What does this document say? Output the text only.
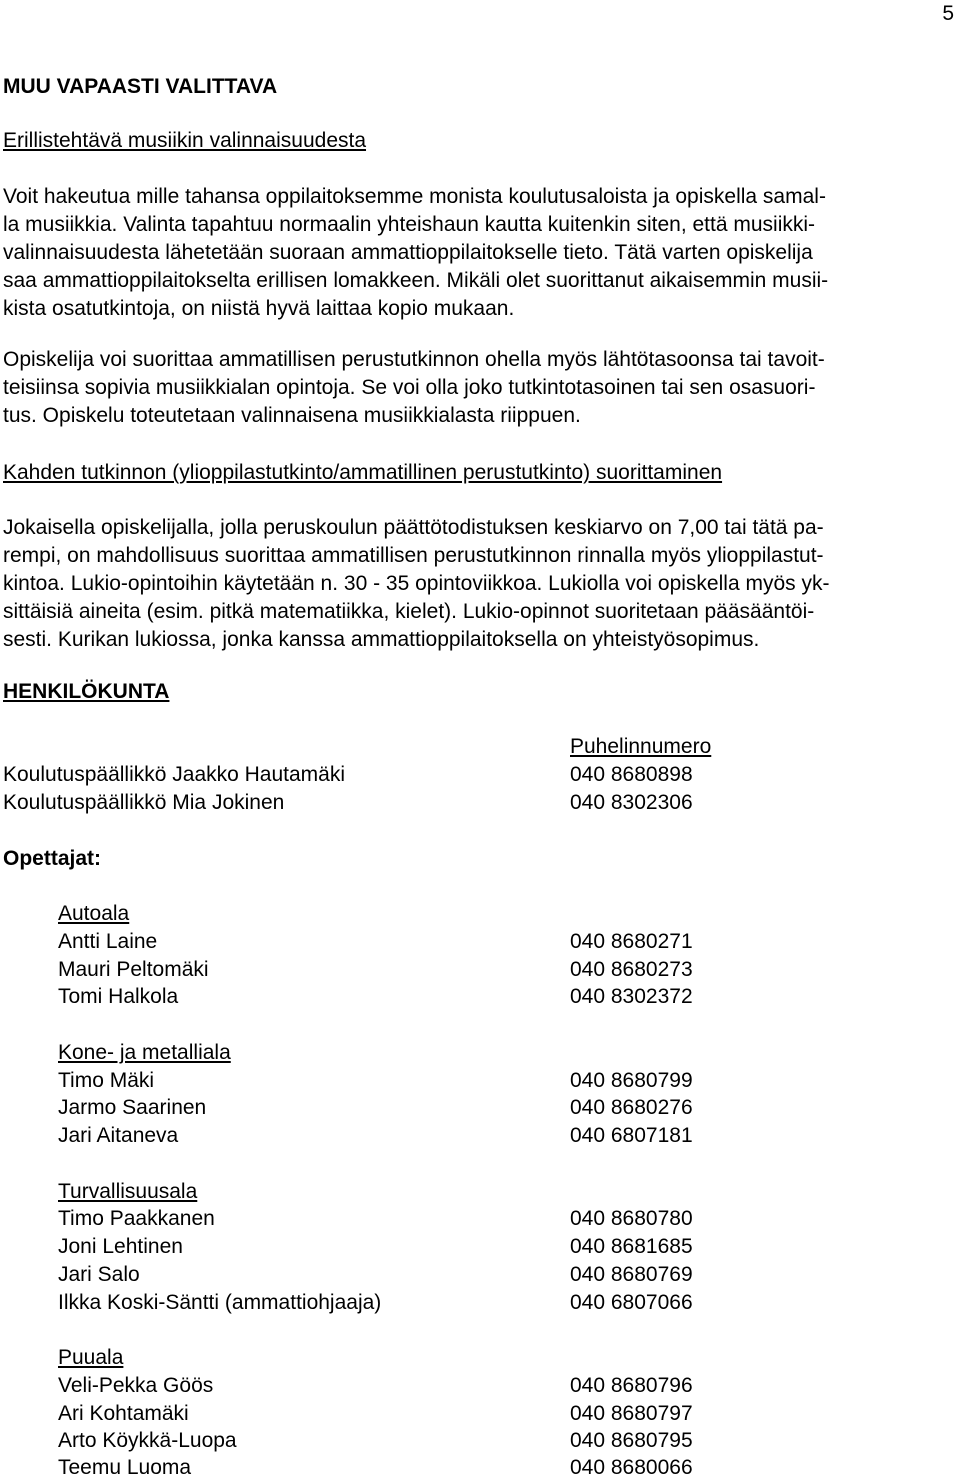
5
MUU VAPAASTI VALITTAVA
Erillistehtävä musiikin valinnaisuudesta

Voit hakeutua mille tahansa oppilaitoksemme monista koulutusaloista ja opiskella samal-
la musiikkia. Valinta tapahtuu normaalin yhteishaun kautta kuitenkin siten, että musiikki-
valinnaisuudesta lähetetään suoraan ammattioppilaitokselle tieto. Tätä varten opiskelija
saa ammattioppilaitokselta erillisen lomakkeen. Mikäli olet suorittanut aikaisemmin musii-
kista osatutkintoja, on niistä hyvä laittaa kopio mukaan.

Opiskelija voi suorittaa ammatillisen perustutkinnon ohella myös lähtötasoonsa tai tavoit-
teisiinsa sopivia musiikkialan opintoja. Se voi olla joko tutkintotasoinen tai sen osasuori-
tus. Opiskelu toteutetaan valinnaisena musiikkialasta riippuen.

Kahden tutkinnon (ylioppilastutkinto/ammatillinen perustutkinto) suorittaminen

Jokaisella opiskelijalla, jolla peruskoulun päättötodistuksen keskiarvo on 7,00 tai tätä pa-
rempi, on mahdollisuus suorittaa ammatillisen perustutkinnon rinnalla myös ylioppilastut-
kintoa. Lukio-opintoihin käytetään n. 30 - 35 opintoviikkoa. Lukiolla voi opiskella myös yk-
sittäisiä aineita (esim. pitkä matematiikka, kielet). Lukio-opinnot suoritetaan pääsääntöi-
sesti. Kurikan lukiossa, jonka kanssa ammattioppilaitoksella on yhteistyösopimus.

HENKILÖKUNTA
Puhelinnumero
Koulutuspäällikkö Jaakko Hautamäki	040 8680898
Koulutuspäällikkö Mia Jokinen	040 8302306
Opettajat:
Autoala
Antti Laine	040 8680271
Mauri Peltomäki	040 8680273
Tomi Halkola	040 8302372
Kone- ja metalliala
Timo Mäki	040 8680799
Jarmo Saarinen	040 8680276
Jari Aitaneva	040 6807181
Turvallisuusala
Timo Paakkanen	040 8680780
Joni Lehtinen	040 8681685
Jari Salo	040 8680769
Ilkka Koski-Säntti (ammattiohjaaja)	040 6807066
Puuala
Veli-Pekka Göös	040 8680796
Ari Kohtamäki	040 8680797
Arto Köykkä-Luopa	040 8680795
Teemu Luoma	040 8680066
